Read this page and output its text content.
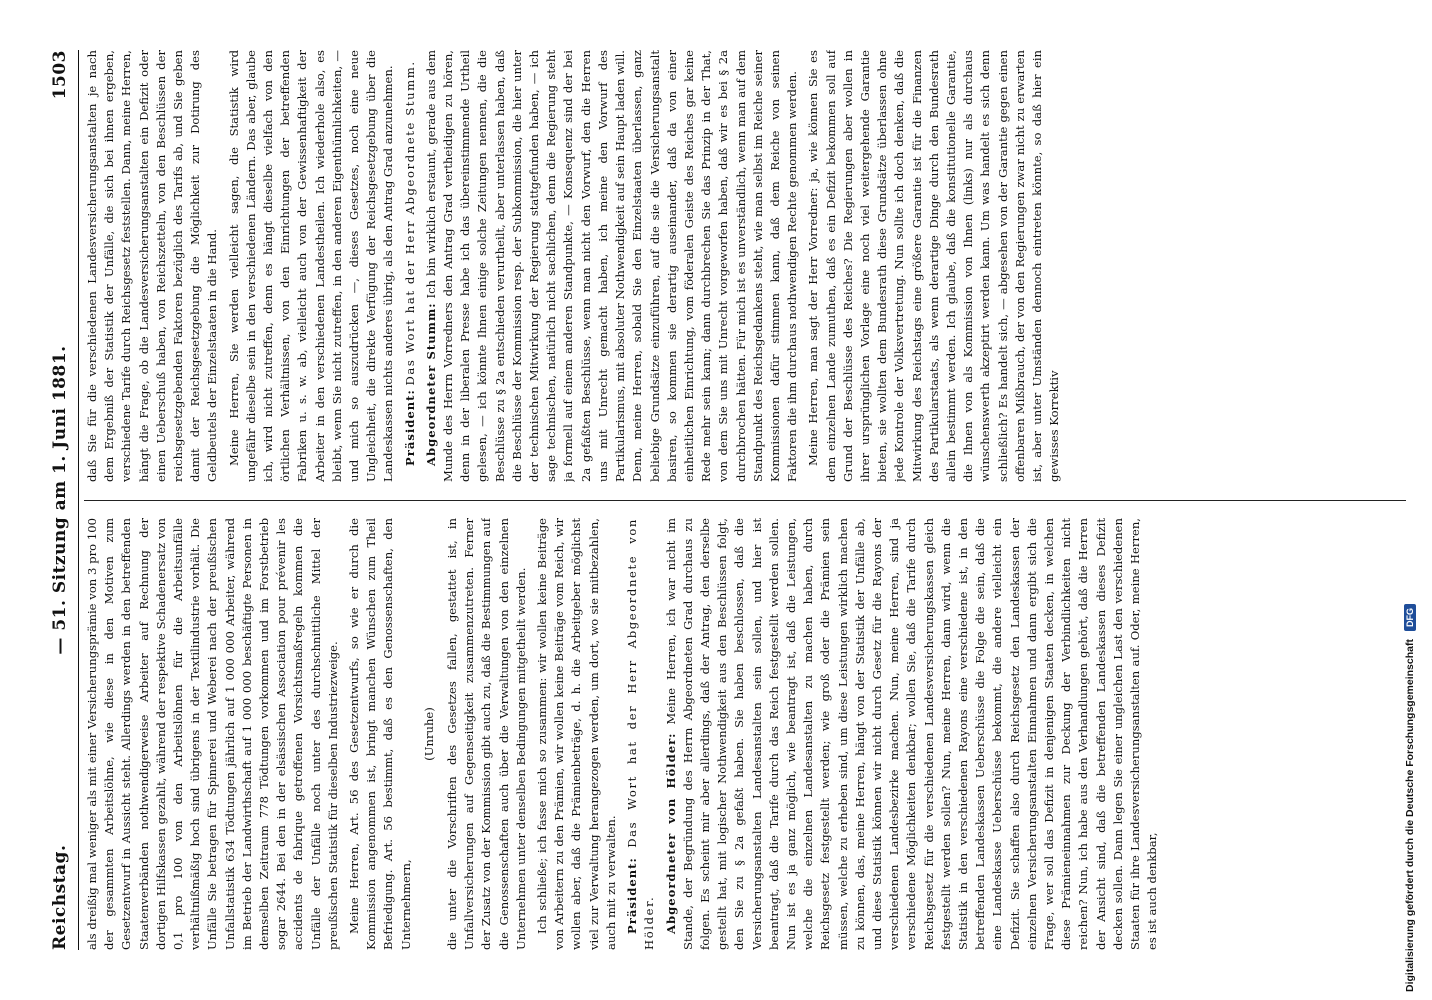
Reichstag.
— 51. Sitzung am 1. Juni 1881.
1503

als dreißig mal weniger als mit einer Versicherungsprämie von 3 pro 100 der gesammten Arbeitslöhne, wie diese in den Motiven zum Gesetzentwurf in Aussicht steht. Allerdings werden in den betreffenden Staatenverbänden nothwendigerweise Arbeiter auf Rechnung der dortigen Hilfskassen gezahlt, während der respektive Schadenersatz von 0,1 pro 100 von den Arbeitslöhnen für die Arbeitsunfälle verhältnißmäßig hoch sind übrigens in der Textilindustrie vorhält. Die Unfälle Sie betragen für Spinnerei und Weberei nach der preußischen Unfallstatistik 634 Tödtungen jährlich auf 1 000 000 Arbeiter, während im Betrieb der Landwirthschaft auf 1 000 000 beschäftigte Personen in demselben Zeitraum 778 Tödtungen vorkommen und im Forstbetrieb sogar 2644. Bei den in der elsässischen Association pour prévenir les accidents de fabrique getroffenen Vorsichtsmaßregeln kommen die Unfälle der Unfälle noch unter des durchschnittliche Mittel der preußischen Statistik für dieselben Industriezweige. Meine Herren, Art. 56 des Gesetzentwurfs, so wie er durch die Kommission angenommen ist, bringt manchen Wünschen zum Theil Befriedigung. Art. 56 bestimmt, daß es den Genossenschaften, den Unternehmern,

(Unruhe) die unter die Vorschriften des Gesetzes fallen, gestattet ist, in Unfallversicherungen auf Gegenseitigkeit zusammenzutreten. Ferner der Zusatz von der Kommission gibt auch zu, daß die Bestimmungen auf die Genossenschaften auch über die Verwaltungen von den einzelnen Unternehmen unter denselben Bedingungen mitgetheilt werden. Ich schließe; ich fasse mich so zusammen: wir wollen keine Beiträge von Arbeitern zu den Prämien, wir wollen keine Beiträge vom Reich, wir wollen aber, daß die Prämienbeträge, d. h. die Arbeitgeber möglichst viel zur Verwaltung herangezogen werden, um dort, wo sie mitbezahlen, auch mit zu verwalten. Präsident: Das Wort hat der Herr Abgeordnete von Hölder. Abgeordneter von Hölder: Meine Herren, ich war nicht im Stande, der Begründung des Herrn Abgeordneten Grad durchaus zu folgen. Es scheint mir aber allerdings, daß der Antrag, den derselbe gestellt hat, mit logischer Nothwendigkeit aus den Beschlüssen folgt, den Sie zu § 2a gefaßt haben. Sie haben beschlossen, daß die Versicherungsanstalten Landesanstalten sein sollen, und hier ist beantragt, daß die Tarife durch das Reich festgestellt werden sollen. Nun ist es ja ganz möglich, wie beantragt ist, daß die Leistungen, welche die einzelnen Landesanstalten zu machen haben, durch Reichsgesetz festgestellt werden; wie groß oder die Prämien sein müssen, welche zu erheben sind, um diese Leistungen wirklich machen zu können, das, meine Herren, hängt von der Statistik der Unfälle ab, und diese Statistik können wir nicht durch Gesetz für die Rayons der verschiedenen Landesbezirke machen. Nun, meine Herren, sind ja verschiedene Möglichkeiten denkbar; wollen Sie, daß die Tarife durch Reichsgesetz für die verschiedenen Landesversicherungskassen gleich festgestellt werden sollen? Nun, meine Herren, dann wird, wenn die Statistik in den verschiedenen Rayons eine verschiedene ist, in den betreffenden Landeskassen Ueberschüsse die Folge die sein, daß die eine Landeskasse Ueberschüsse bekommt, die andere vielleicht ein Defizit. Sie schaffen also durch Reichsgesetz den Landeskassen der einzelnen Versicherungsanstalten Einnahmen und dann ergibt sich die Frage, wer soll das Defizit in denjenigen Staaten decken, in welchen diese Prämieneinnahmen zur Deckung der Verbindlichkeiten nicht reichen? Nun, ich habe aus den Verhandlungen gehört, daß die Herren der Ansicht sind, daß die betreffenden Landeskassen dieses Defizit decken sollen. Dann legen Sie einer ungleichen Last den verschiedenen Staaten für ihre Landesversicherungsanstalten auf. Oder, meine Herren, es ist auch denkbar,

daß Sie für die verschiedenen Landesversicherungsanstalten je nach dem Ergebniß der Statistik der Unfälle, die sich bei ihnen ergeben, verschiedene Tarife durch Reichsgesetz feststellen. Dann, meine Herren, hängt die Frage, ob die Landesversicherungsanstalten ein Defizit oder einen Ueberschuß haben, von Reichszetteln, von den Beschlüssen der reichsgesetzgebenden Faktoren bezüglich des Tarifs ab, und Sie geben damit der Reichsgesetzgebung die Möglichkeit zur Dotirung des Geldbeutels der Einzelstaaten in die Hand. Meine Herren, Sie werden vielleicht sagen, die Statistik wird ungefähr dieselbe sein in den verschiedenen Ländern. Das aber, glaube ich, wird nicht zutreffen, denn es hängt dieselbe vielfach von den örtlichen Verhältnissen, von den Einrichtungen der betreffenden Fabriken u. s. w. ab, vielleicht auch von der Gewissenhaftigkeit der Arbeiter in den verschiedenen Landestheilen. Ich wiederhole also, es bleibt, wenn Sie nicht zutreffen, in den anderen Eigenthümlichkeiten, — und mich so auszudrücken —, dieses Gesetzes, noch eine neue Ungleichheit, die direkte Verfügung der Reichsgesetzgebung über die Landeskassen nichts anderes übrig, als den Antrag Grad anzunehmen. Präsident: Das Wort hat der Herr Abgeordnete Stumm. Abgeordneter Stumm: Ich bin wirklich erstaunt, gerade aus dem Munde des Herrn Vorredners den Antrag Grad vertheidigen zu hören, denn in der liberalen Presse habe ich das übereinstimmende Urtheil gelesen, — ich könnte Ihnen einige solche Zeitungen nennen, die die Beschlüsse zu § 2a entschieden verurtheilt, aber unterlassen haben, daß die Beschlüsse der Kommission resp. der Subkommission, die hier unter der technischen Mitwirkung der Regierung stattgefunden haben, — ich sage technischen, natürlich nicht sachlichen, denn die Regierung steht ja formell auf einem anderen Standpunkte, — Konsequenz sind der bei 2a gefaßten Beschlüsse, wenn man nicht den Vorwurf, den die Herren uns mit Unrecht gemacht haben, ich meine den Vorwurf des Partikularismus, mit absoluter Nothwendigkeit auf sein Haupt laden will. Denn, meine Herren, sobald Sie den Einzelstaaten überlassen, ganz beliebige Grundsätze einzuführen, auf die sie die Versicherungsanstalt basiren, so kommen sie derartig auseinander, daß da von einer einheitlichen Einrichtung, vom föderalen Geiste des Reiches gar keine Rede mehr sein kann; dann durchbrechen Sie das Prinzip in der That, von dem Sie uns mit Unrecht vorgeworfen haben, daß wir es bei § 2a durchbrochen hätten. Für mich ist es unverständlich, wenn man auf dem Standpunkt des Reichsgedankens steht, wie man selbst im Reiche seiner Kommissionen dafür stimmen kann, daß dem Reiche von seinen Faktoren die ihm durchaus nothwendigen Rechte genommen werden. Meine Herren, man sagt der Herr Vorredner: ja, wie können Sie es dem einzelnen Lande zumuthen, daß es ein Defizit bekommen soll auf Grund der Beschlüsse des Reiches? Die Regierungen aber wollen in ihrer ursprünglichen Vorlage eine noch viel weitergehende Garantie bieten, sie wollten dem Bundesrath diese Grundsätze überlassen ohne jede Kontrole der Volksvertretung. Nun sollte ich doch denken, daß die Mitwirkung des Reichstags eine größere Garantie ist für die Finanzen des Partikularstaats, als wenn derartige Dinge durch den Bundesrath allein bestimmt werden. Ich glaube, daß die konstitutionelle Garantie, die Ihnen von als Kommission von Ihnen (links) nur als durchaus wünschenswerth akzeptirt werden kann. Um was handelt es sich denn schließlich? Es handelt sich, — abgesehen von der Garantie gegen einen offenbaren Mißbrauch, der von den Regierungen zwar nicht zu erwarten ist, aber unter Umständen dennoch eintreten könnte, so daß hier ein gewisses Korrektiv

Digitalisierung gefördert durch die Deutsche ForschungsgemeinschaftDFG
